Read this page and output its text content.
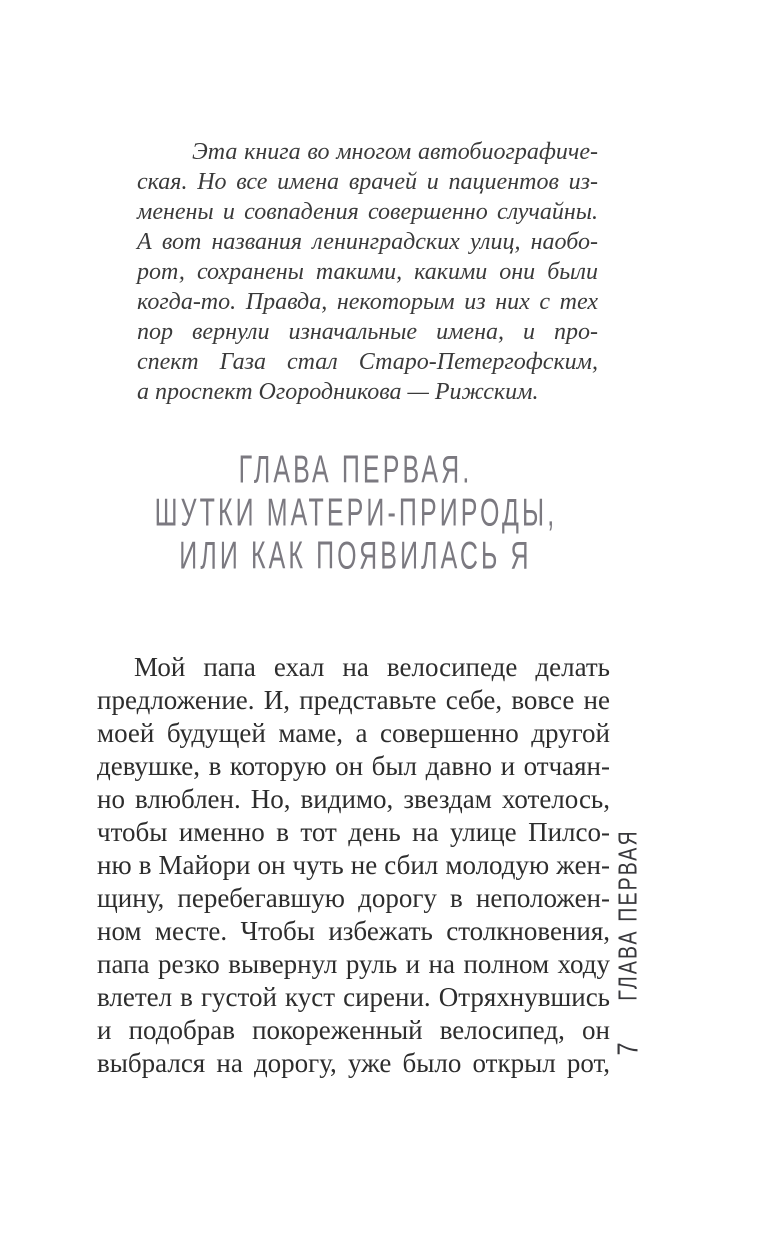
Эта книга во многом автобиографиче-
ская. Но все имена врачей и пациентов из-
менены и совпадения совершенно случайны.
А вот названия ленинградских улиц, наобо-
рот, сохранены такими, какими они были
когда-то. Правда, некоторым из них с тех
пор вернули изначальные имена, и про-
спект Газа стал Старо-Петергофским,
а проспект Огородникова — Рижским.
ГЛАВА ПЕРВАЯ.
ШУТКИ МАТЕРИ-ПРИРОДЫ,
ИЛИ КАК ПОЯВИЛАСЬ Я
Мой папа ехал на велосипеде делать
предложение. И, представьте себе, вовсе не
моей будущей маме, а совершенно другой
девушке, в которую он был давно и отчаян-
но влюблен. Но, видимо, звездам хотелось,
чтобы именно в тот день на улице Пилсо-
ню в Майори он чуть не сбил молодую жен-
щину, перебегавшую дорогу в неположен-
ном месте. Чтобы избежать столкновения,
папа резко вывернул руль и на полном ходу
влетел в густой куст сирени. Отряхнувшись
и подобрав покореженный велосипед, он
выбрался на дорогу, уже было открыл рот,
ГЛАВА ПЕРВАЯ
7
